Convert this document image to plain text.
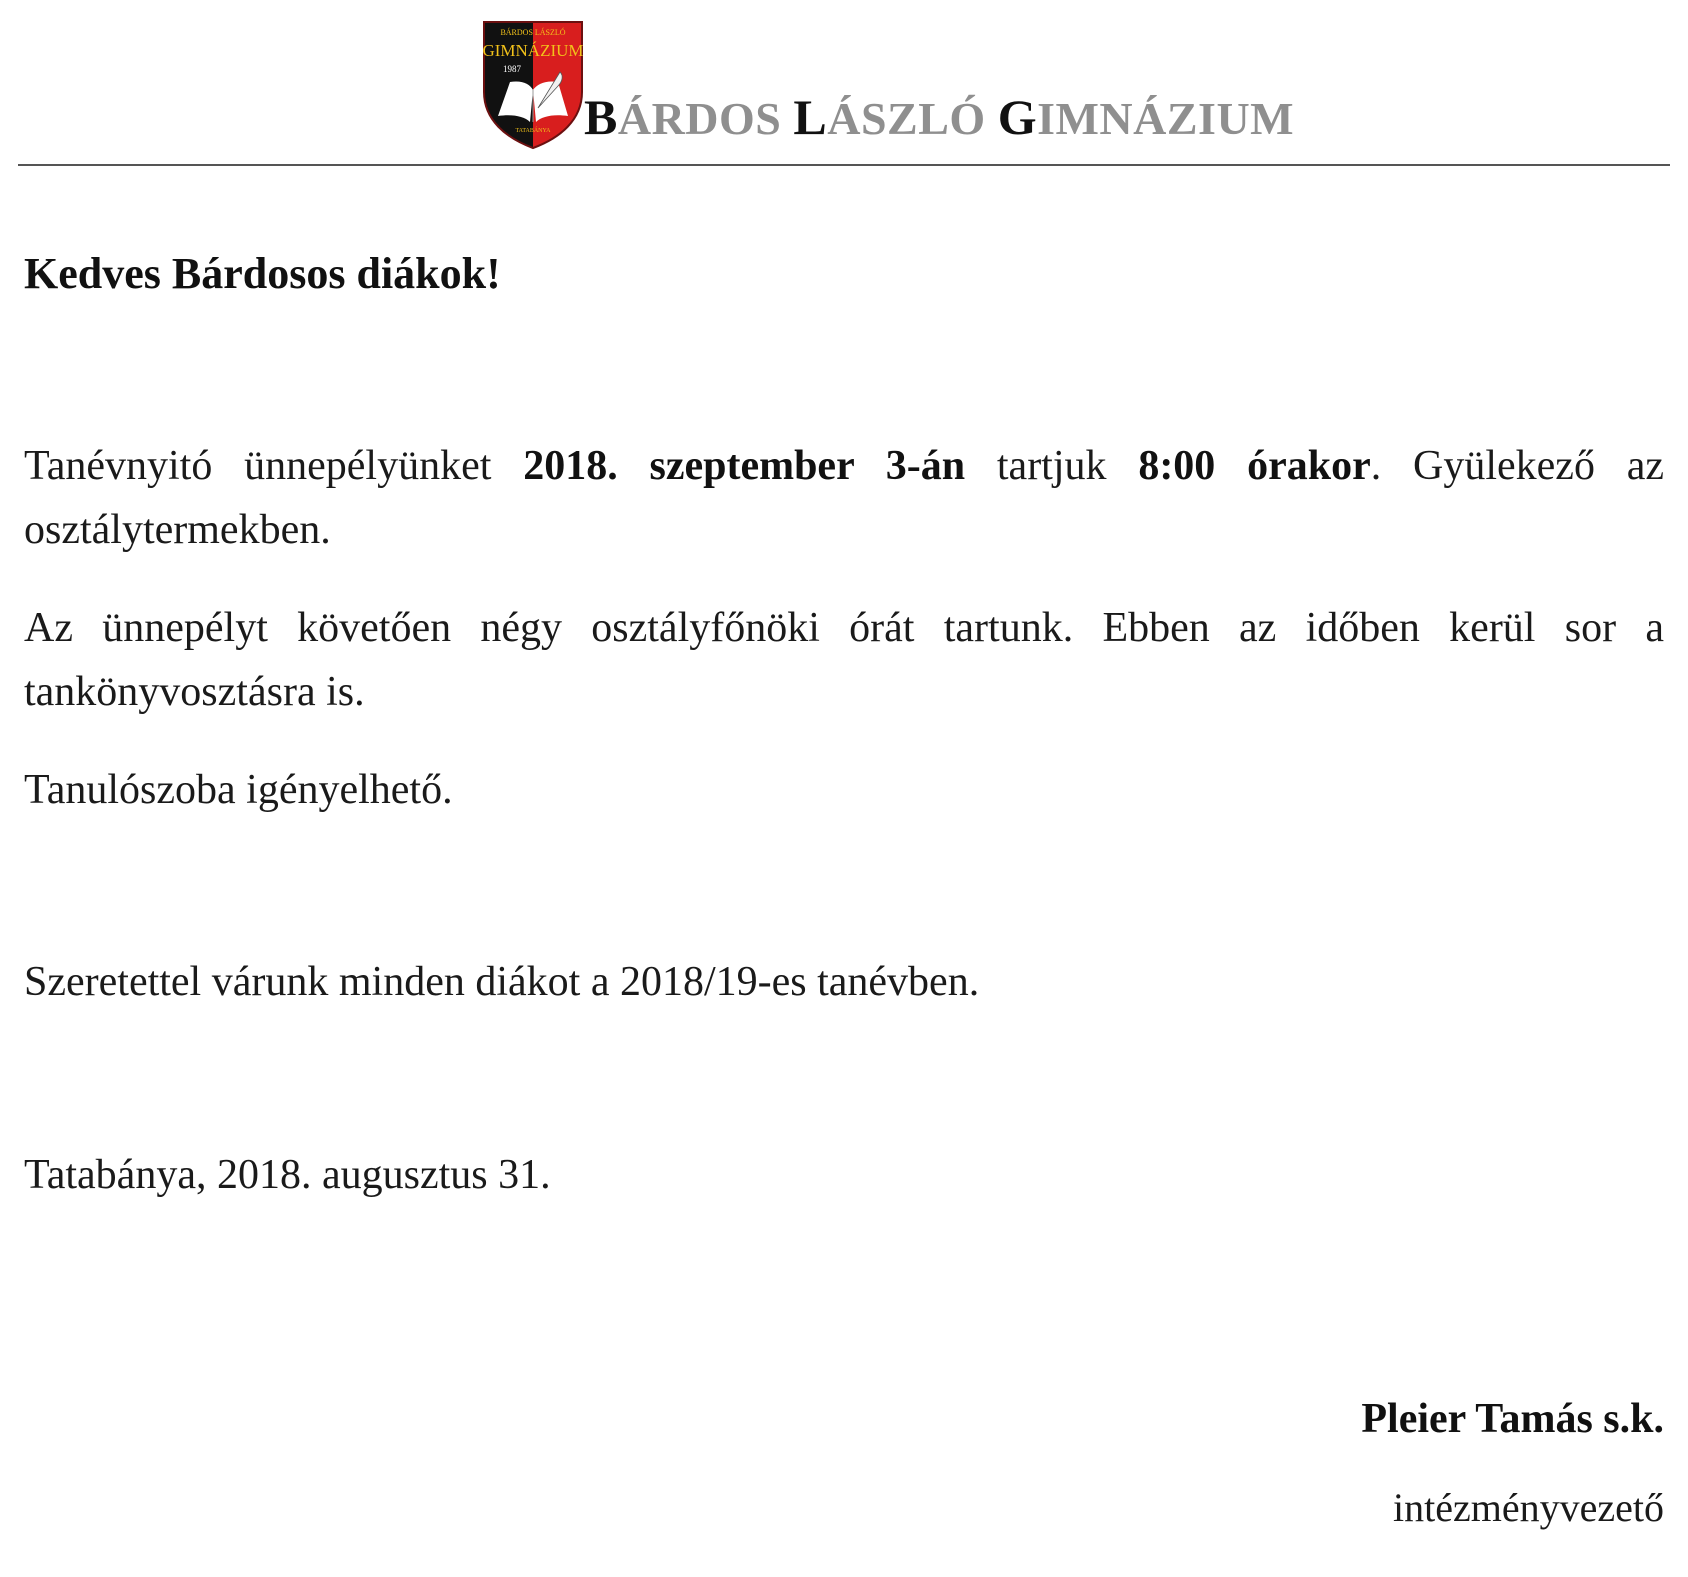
BÁRDOS LÁSZLÓ
GIMNÁZIUM
1987
TATABÁNYA BÁRDOS LÁSZLÓ GIMNÁZIUM
Kedves Bárdosos diákok!
Tanévnyitó ünnepélyünket 2018. szeptember 3-án tartjuk 8:00 órakor. Gyülekező az osztálytermekben.
Az ünnepélyt követően négy osztályfőnöki órát tartunk. Ebben az időben kerül sor a tankönyvosztásra is.
Tanulószoba igényelhető.
Szeretettel várunk minden diákot a 2018/19-es tanévben.
Tatabánya, 2018. augusztus 31.
Pleier Tamás s.k.
intézményvezető
